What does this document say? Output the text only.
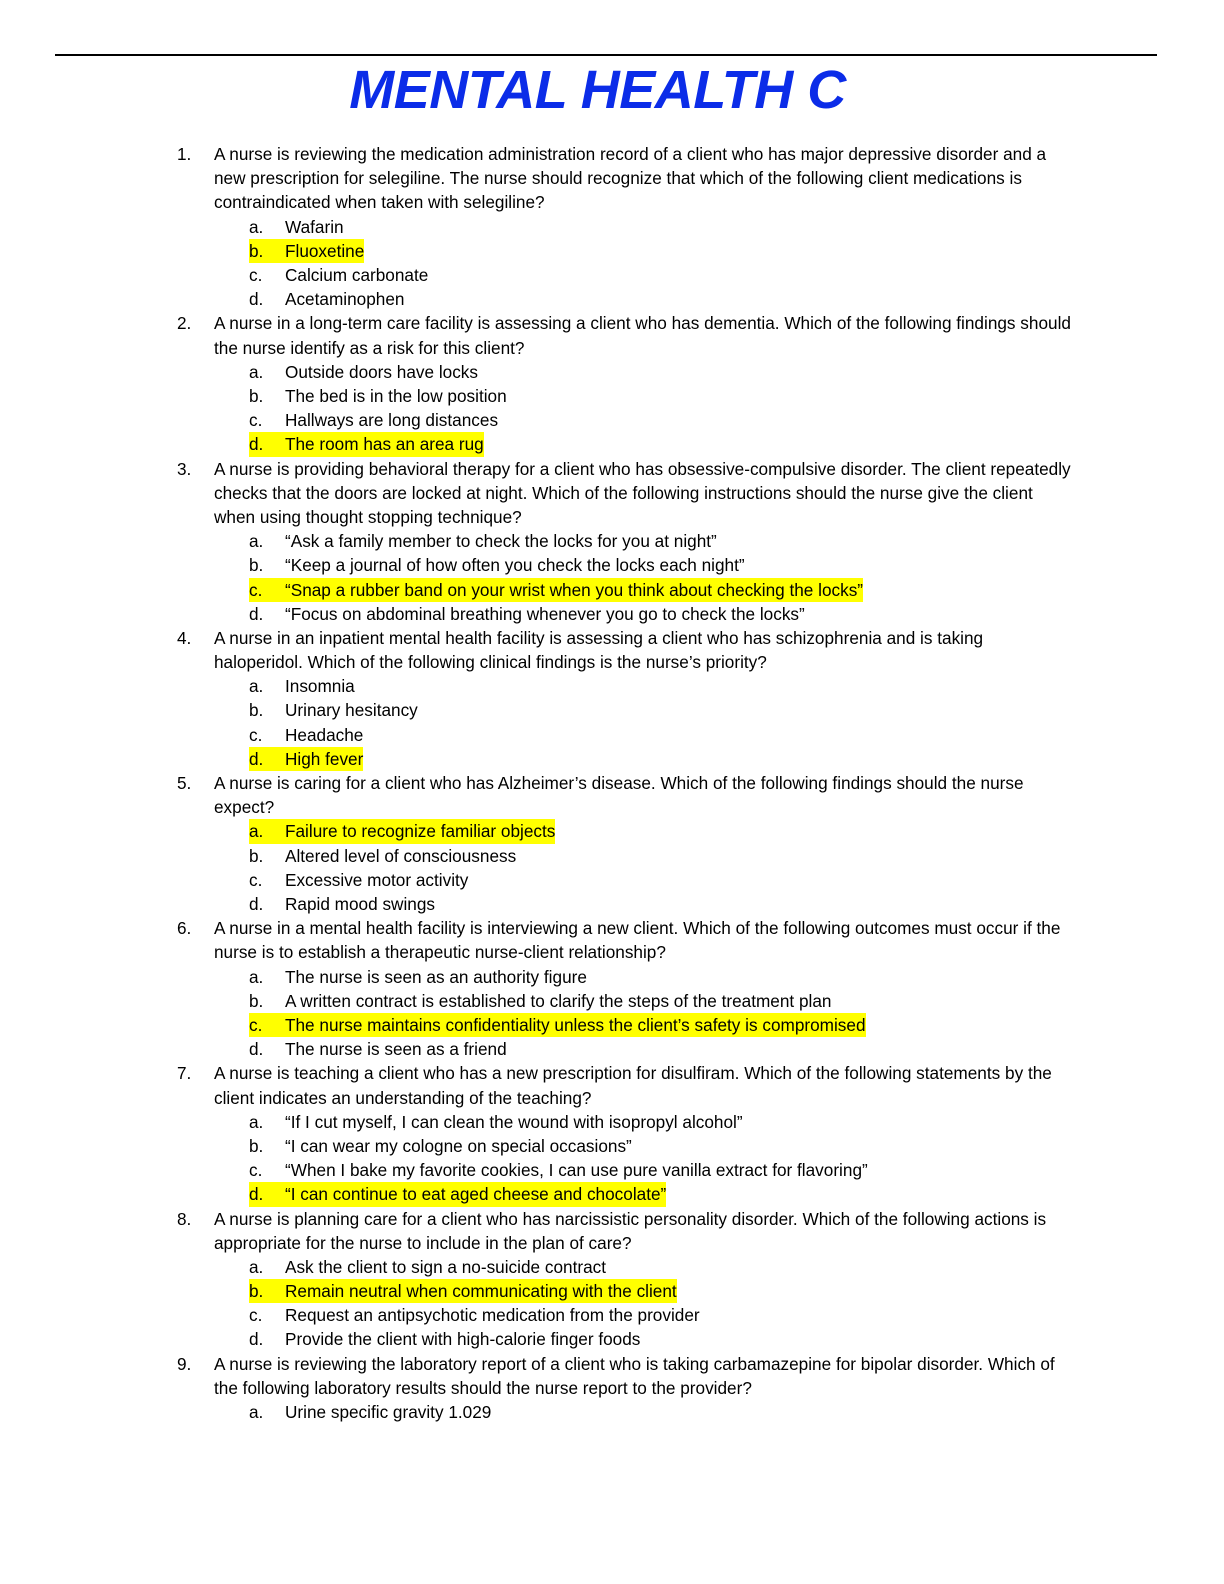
MENTAL HEALTH C
1. A nurse is reviewing the medication administration record of a client who has major depressive disorder and a new prescription for selegiline. The nurse should recognize that which of the following client medications is contraindicated when taken with selegiline?
a. Wafarin
b. Fluoxetine
c. Calcium carbonate
d. Acetaminophen
2. A nurse in a long-term care facility is assessing a client who has dementia. Which of the following findings should the nurse identify as a risk for this client?
a. Outside doors have locks
b. The bed is in the low position
c. Hallways are long distances
d. The room has an area rug
3. A nurse is providing behavioral therapy for a client who has obsessive-compulsive disorder. The client repeatedly checks that the doors are locked at night. Which of the following instructions should the nurse give the client when using thought stopping technique?
a. “Ask a family member to check the locks for you at night”
b. “Keep a journal of how often you check the locks each night”
c. “Snap a rubber band on your wrist when you think about checking the locks”
d. “Focus on abdominal breathing whenever you go to check the locks”
4. A nurse in an inpatient mental health facility is assessing a client who has schizophrenia and is taking haloperidol. Which of the following clinical findings is the nurse’s priority?
a. Insomnia
b. Urinary hesitancy
c. Headache
d. High fever
5. A nurse is caring for a client who has Alzheimer’s disease. Which of the following findings should the nurse expect?
a. Failure to recognize familiar objects
b. Altered level of consciousness
c. Excessive motor activity
d. Rapid mood swings
6. A nurse in a mental health facility is interviewing a new client. Which of the following outcomes must occur if the nurse is to establish a therapeutic nurse-client relationship?
a. The nurse is seen as an authority figure
b. A written contract is established to clarify the steps of the treatment plan
c. The nurse maintains confidentiality unless the client’s safety is compromised
d. The nurse is seen as a friend
7. A nurse is teaching a client who has a new prescription for disulfiram. Which of the following statements by the client indicates an understanding of the teaching?
a. “If I cut myself, I can clean the wound with isopropyl alcohol”
b. “I can wear my cologne on special occasions”
c. “When I bake my favorite cookies, I can use pure vanilla extract for flavoring”
d. “I can continue to eat aged cheese and chocolate”
8. A nurse is planning care for a client who has narcissistic personality disorder. Which of the following actions is appropriate for the nurse to include in the plan of care?
a. Ask the client to sign a no-suicide contract
b. Remain neutral when communicating with the client
c. Request an antipsychotic medication from the provider
d. Provide the client with high-calorie finger foods
9. A nurse is reviewing the laboratory report of a client who is taking carbamazepine for bipolar disorder. Which of the following laboratory results should the nurse report to the provider?
a. Urine specific gravity 1.029
